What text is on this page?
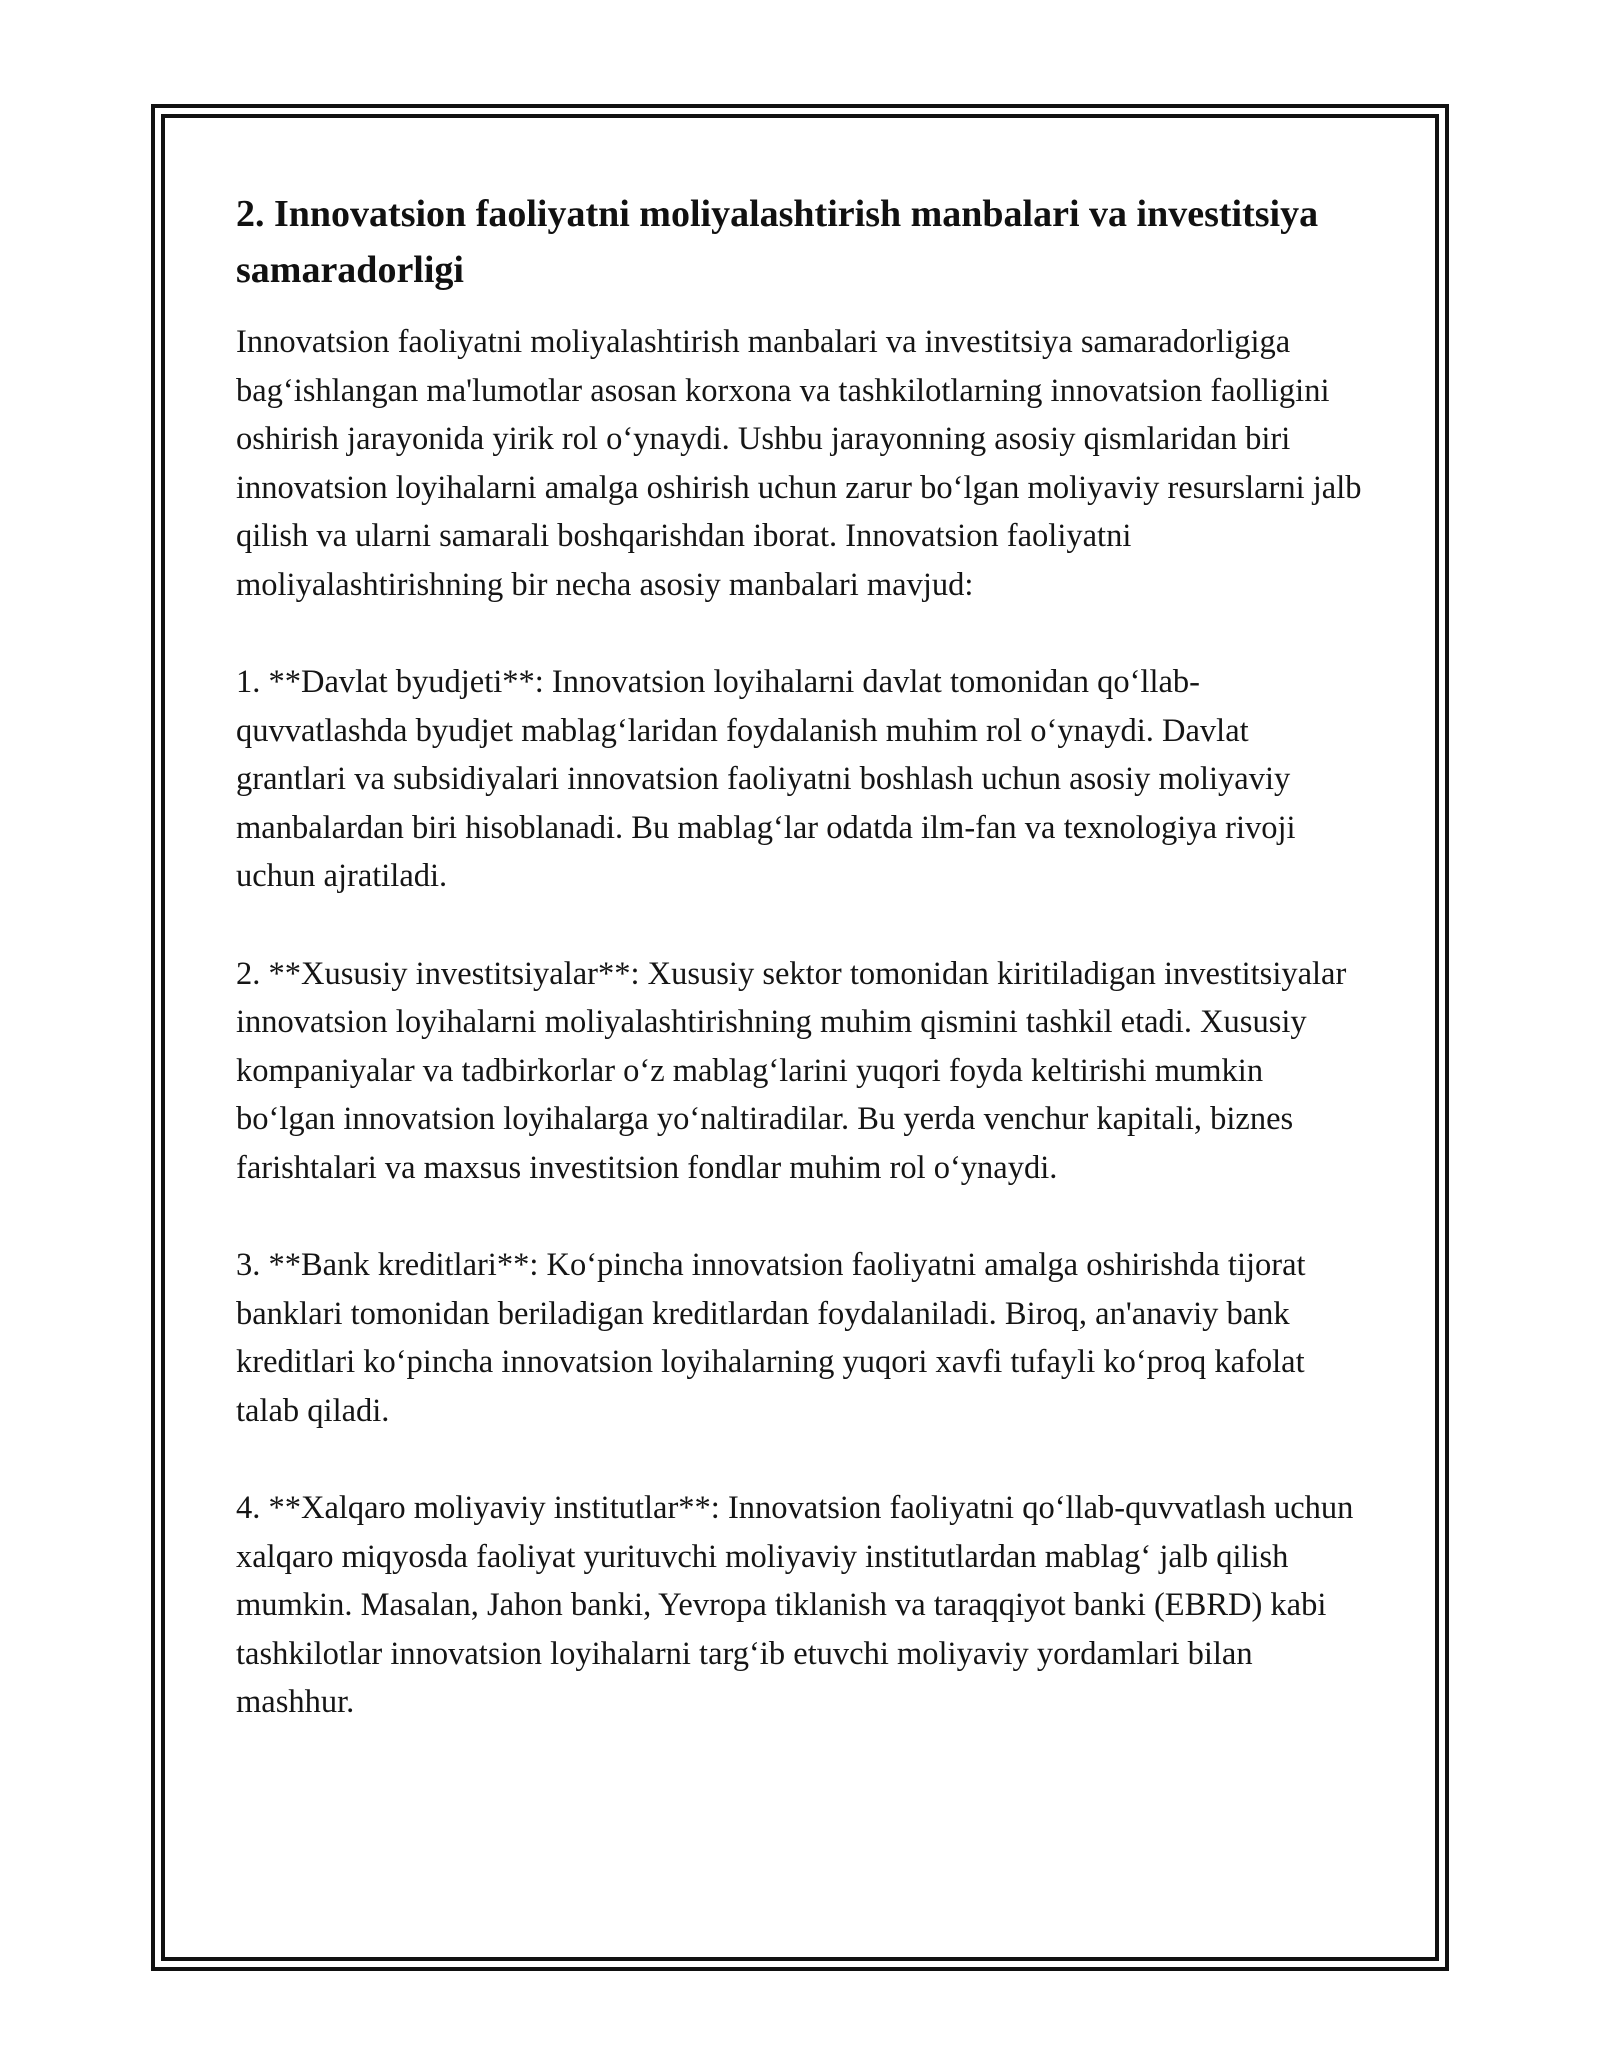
2. Innovatsion faoliyatni moliyalashtirish manbalari va investitsiya samaradorligi

Innovatsion faoliyatni moliyalashtirish manbalari va investitsiya samaradorligiga bag‘ishlangan ma'lumotlar asosan korxona va tashkilotlarning innovatsion faolligini oshirish jarayonida yirik rol o‘ynaydi. Ushbu jarayonning asosiy qismlaridan biri innovatsion loyihalarni amalga oshirish uchun zarur bo‘lgan moliyaviy resurslarni jalb qilish va ularni samarali boshqarishdan iborat. Innovatsion faoliyatni moliyalashtirishning bir necha asosiy manbalari mavjud:

1. **Davlat byudjeti**: Innovatsion loyihalarni davlat tomonidan qo‘llab-quvvatlashda byudjet mablag‘laridan foydalanish muhim rol o‘ynaydi. Davlat grantlari va subsidiyalari innovatsion faoliyatni boshlash uchun asosiy moliyaviy manbalardan biri hisoblanadi. Bu mablag‘lar odatda ilm-fan va texnologiya rivoji uchun ajratiladi.

2. **Xususiy investitsiyalar**: Xususiy sektor tomonidan kiritiladigan investitsiyalar innovatsion loyihalarni moliyalashtirishning muhim qismini tashkil etadi. Xususiy kompaniyalar va tadbirkorlar o‘z mablag‘larini yuqori foyda keltirishi mumkin bo‘lgan innovatsion loyihalarga yo‘naltiradilar. Bu yerda venchur kapitali, biznes farishtalari va maxsus investitsion fondlar muhim rol o‘ynaydi.

3. **Bank kreditlari**: Ko‘pincha innovatsion faoliyatni amalga oshirishda tijorat banklari tomonidan beriladigan kreditlardan foydalaniladi. Biroq, an'anaviy bank kreditlari ko‘pincha innovatsion loyihalarning yuqori xavfi tufayli ko‘proq kafolat talab qiladi.

4. **Xalqaro moliyaviy institutlar**: Innovatsion faoliyatni qo‘llab-quvvatlash uchun xalqaro miqyosda faoliyat yurituvchi moliyaviy institutlardan mablag‘ jalb qilish mumkin. Masalan, Jahon banki, Yevropa tiklanish va taraqqiyot banki (EBRD) kabi tashkilotlar innovatsion loyihalarni targ‘ib etuvchi moliyaviy yordamlari bilan mashhur.
